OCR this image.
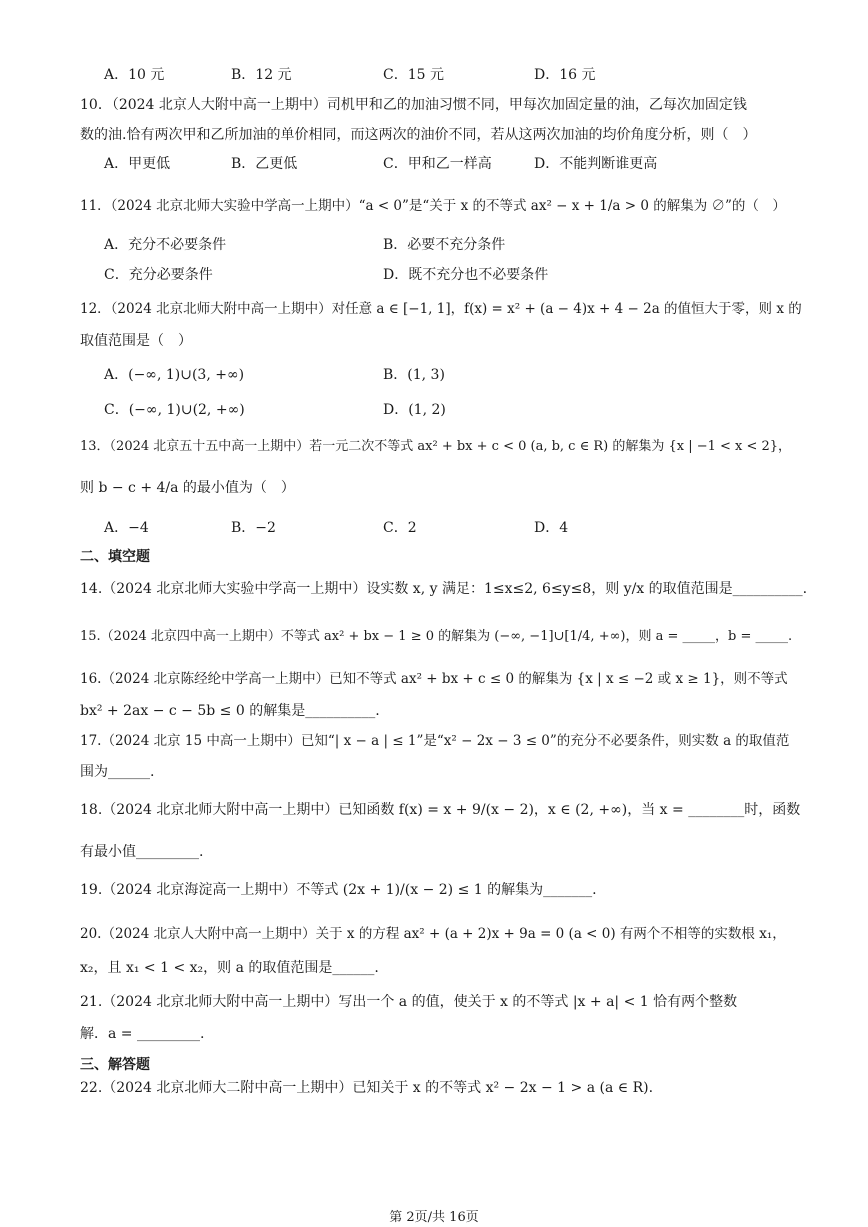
A．10 元	B．12 元	C．15 元	D．16 元
10．（2024 北京人大附中高一上期中）司机甲和乙的加油习惯不同，甲每次加固定量的油，乙每次加固定钱
数的油.恰有两次甲和乙所加油的单价相同，而这两次的油价不同，若从这两次加油的均价角度分析，则（　）
A．甲更低	B．乙更低	C．甲和乙一样高	D．不能判断谁更高
11．（2024 北京北师大实验中学高一上期中）“a < 0”是“关于 x 的不等式 ax² − x + 1/a > 0 的解集为 ∅”的（　）
A．充分不必要条件	B．必要不充分条件
C．充分必要条件	D．既不充分也不必要条件
12．（2024 北京北师大附中高一上期中）对任意 a ∈ [−1, 1]，f(x) = x² + (a − 4)x + 4 − 2a 的值恒大于零，则 x 的
取值范围是（　）
A．(−∞, 1)∪(3, +∞)	B．(1, 3)
C．(−∞, 1)∪(2, +∞)	D．(1, 2)
13．（2024 北京五十五中高一上期中）若一元二次不等式 ax² + bx + c < 0 (a, b, c ∈ R) 的解集为 {x | −1 < x < 2}，
则 b − c + 4/a 的最小值为（　）
A．−4	B．−2	C．2	D．4
二、填空题
14.（2024 北京北师大实验中学高一上期中）设实数 x, y 满足：1≤x≤2, 6≤y≤8，则 y/x 的取值范围是__________.
15.（2024 北京四中高一上期中）不等式 ax² + bx − 1 ≥ 0 的解集为 (−∞, −1]∪[1/4, +∞)，则 a = _____，b = _____.
16.（2024 北京陈经纶中学高一上期中）已知不等式 ax² + bx + c ≤ 0 的解集为 {x | x ≤ −2 或 x ≥ 1}，则不等式
bx² + 2ax − c − 5b ≤ 0 的解集是__________.
17.（2024 北京 15 中高一上期中）已知“| x − a | ≤ 1”是“x² − 2x − 3 ≤ 0”的充分不必要条件，则实数 a 的取值范
围为______.
18.（2024 北京北师大附中高一上期中）已知函数 f(x) = x + 9/(x − 2)，x ∈ (2, +∞)，当 x = ________时，函数
有最小值_________.
19.（2024 北京海淀高一上期中）不等式 (2x + 1)/(x − 2) ≤ 1 的解集为_______.
20.（2024 北京人大附中高一上期中）关于 x 的方程 ax² + (a + 2)x + 9a = 0 (a < 0) 有两个不相等的实数根 x₁，
x₂，且 x₁ < 1 < x₂，则 a 的取值范围是______.
21.（2024 北京北师大附中高一上期中）写出一个 a 的值，使关于 x 的不等式 |x + a| < 1 恰有两个整数
解．a = _________.
三、解答题
22.（2024 北京北师大二附中高一上期中）已知关于 x 的不等式 x² − 2x − 1 > a (a ∈ R).
第 2页/共 16页
